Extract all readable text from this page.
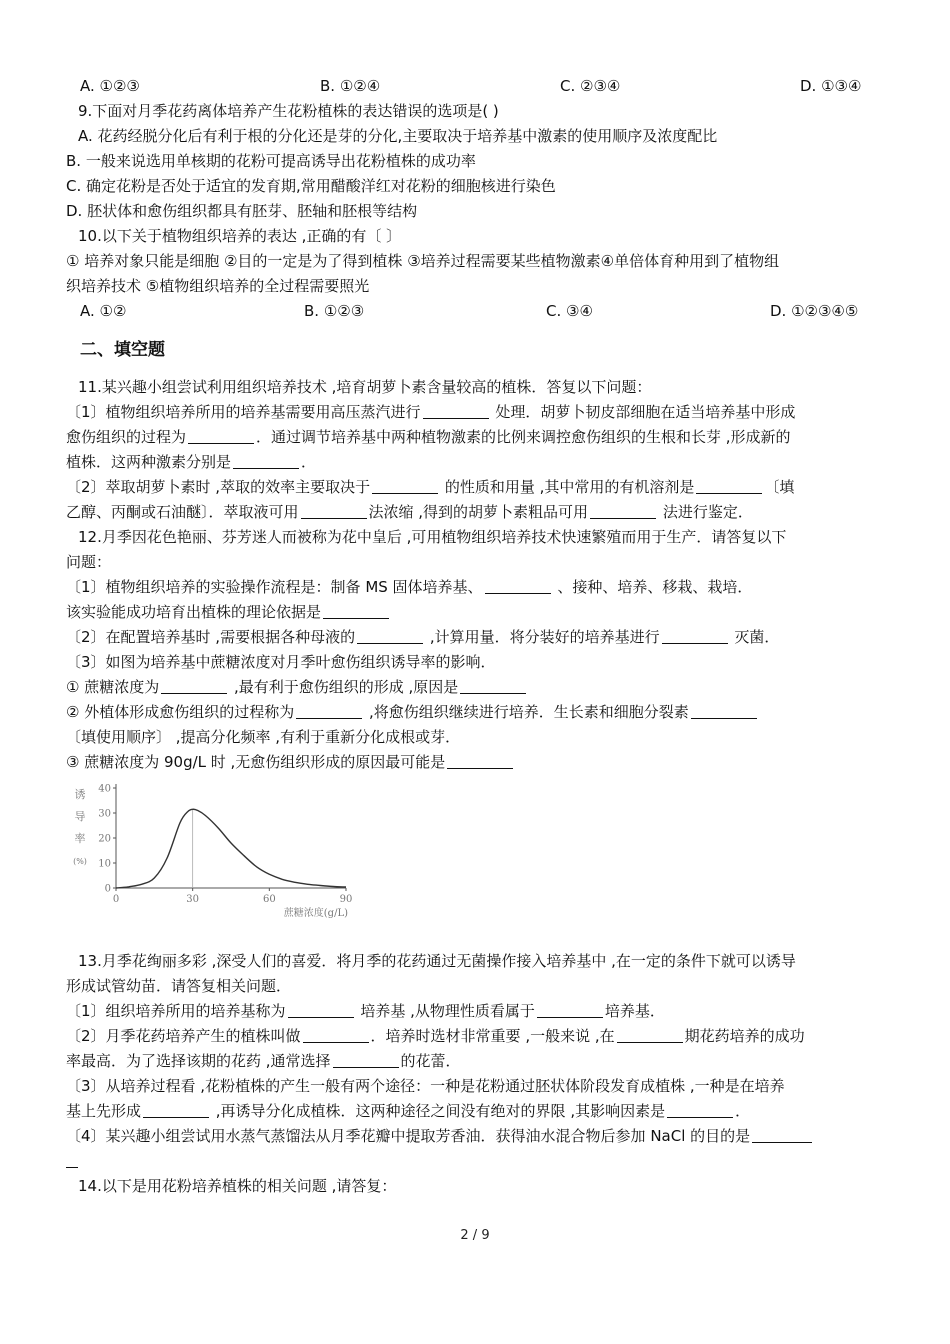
A. ①②③	B. ①②④	C. ②③④	D. ①③④
9.下面对月季花药离体培养产生花粉植株的表达错误的选项是( )
A. 花药经脱分化后有利于根的分化还是芽的分化,主要取决于培养基中激素的使用顺序及浓度配比
B. 一般来说选用单核期的花粉可提高诱导出花粉植株的成功率
C. 确定花粉是否处于适宜的发育期,常用醋酸洋红对花粉的细胞核进行染色
D. 胚状体和愈伤组织都具有胚芽、胚轴和胚根等结构
10.以下关于植物组织培养的表达 ,正确的有〔 〕
① 培养对象只能是细胞 ②目的一定是为了得到植株 ③培养过程需要某些植物激素④单倍体育种用到了植物组
织培养技术 ⑤植物组织培养的全过程需要照光
A. ①②	B. ①②③	C. ③④	D. ①②③④⑤
二、填空题
11.某兴趣小组尝试利用组织培养技术 ,培育胡萝卜素含量较高的植株．答复以下问题：
〔1〕植物组织培养所用的培养基需要用高压蒸汽进行	处理．胡萝卜韧皮部细胞在适当培养基中形成
愈伤组织的过程为	．通过调节培养基中两种植物激素的比例来调控愈伤组织的生根和长芽 ,形成新的
植株．这两种激素分别是	．
〔2〕萃取胡萝卜素时 ,萃取的效率主要取决于	的性质和用量 ,其中常用的有机溶剂是	〔填
乙醇、丙酮或石油醚〕．萃取液可用	法浓缩 ,得到的胡萝卜素粗品可用	法进行鉴定．
12.月季因花色艳丽、芬芳迷人而被称为花中皇后 ,可用植物组织培养技术快速繁殖而用于生产．请答复以下
问题：
〔1〕植物组织培养的实验操作流程是：制备 MS 固体培养基、	、接种、培养、移栽、栽培．
该实验能成功培育出植株的理论依据是
〔2〕在配置培养基时 ,需要根据各种母液的	,计算用量．将分装好的培养基进行	灭菌．
〔3〕如图为培养基中蔗糖浓度对月季叶愈伤组织诱导率的影响．
① 蔗糖浓度为	,最有利于愈伤组织的形成 ,原因是
② 外植体形成愈伤组织的过程称为	,将愈伤组织继续进行培养．生长素和细胞分裂素
〔填使用顺序〕 ,提高分化频率 ,有利于重新分化成根或芽．
③ 蔗糖浓度为 90g/L 时 ,无愈伤组织形成的原因最可能是
诱
导
率
(%)
0
10
20
30
40
0	30	60	90
蔗糖浓度(g/L)
13.月季花绚丽多彩 ,深受人们的喜爱．将月季的花药通过无菌操作接入培养基中 ,在一定的条件下就可以诱导
形成试管幼苗．请答复相关问题．
〔1〕组织培养所用的培养基称为	培养基 ,从物理性质看属于	培养基．
〔2〕月季花药培养产生的植株叫做	．培养时选材非常重要 ,一般来说 ,在	期花药培养的成功
率最高．为了选择该期的花药 ,通常选择	的花蕾．
〔3〕从培养过程看 ,花粉植株的产生一般有两个途径：一种是花粉通过胚状体阶段发育成植株 ,一种是在培养
基上先形成	,再诱导分化成植株．这两种途径之间没有绝对的界限 ,其影响因素是	．
〔4〕某兴趣小组尝试用水蒸气蒸馏法从月季花瓣中提取芳香油．获得油水混合物后参加 NaCl 的目的是
14.以下是用花粉培养植株的相关问题 ,请答复：
2 / 9
